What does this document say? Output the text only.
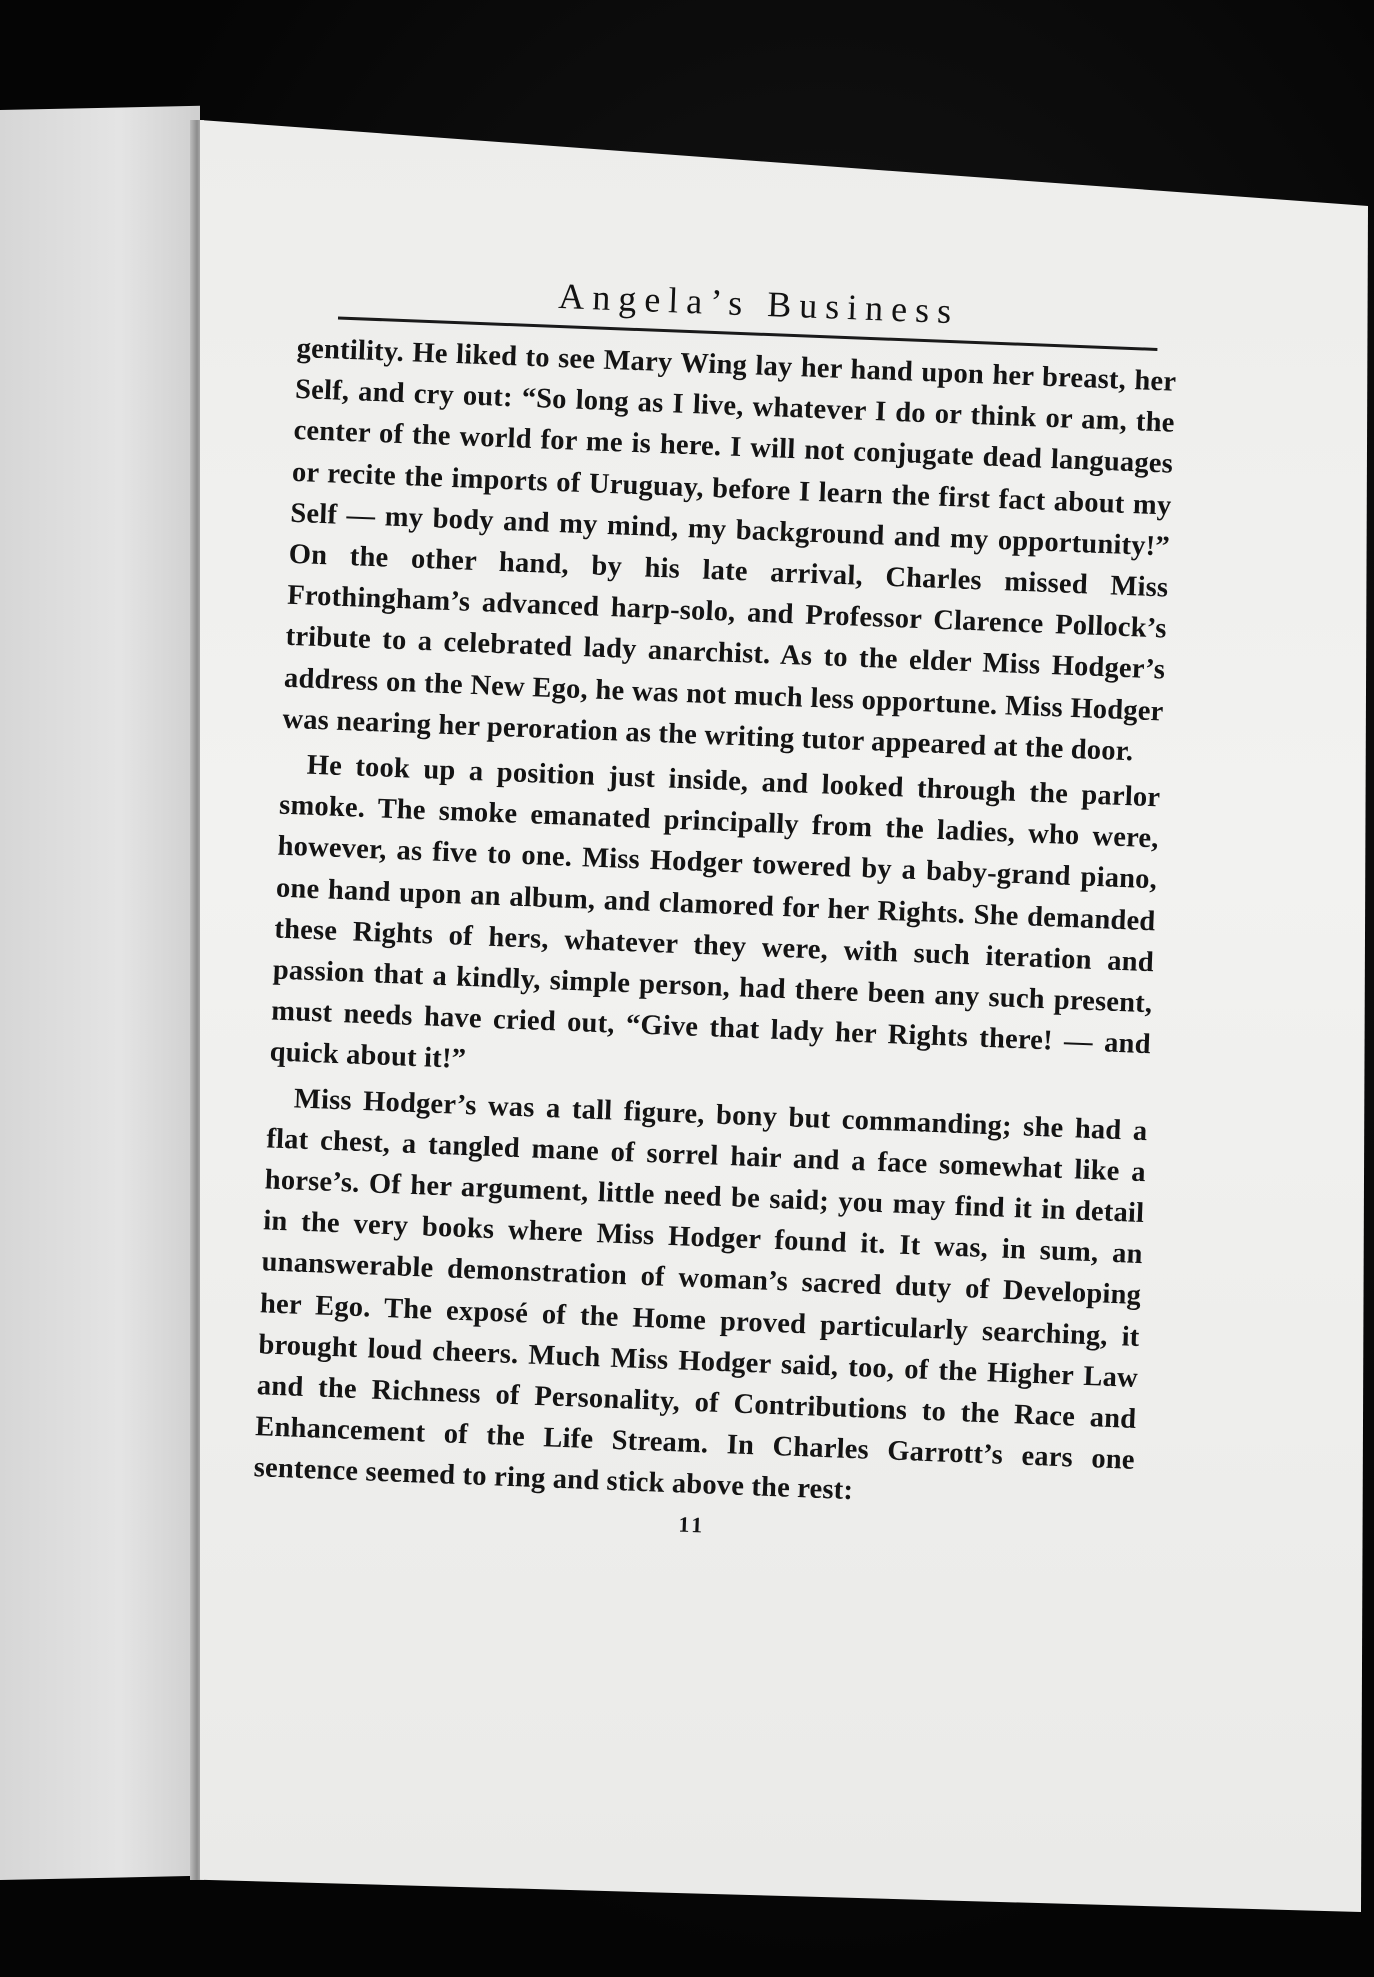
Angela’s Business

gentility. He liked to see Mary Wing lay her hand upon her breast, her Self, and cry out: “So long as I live, whatever I do or think or am, the center of the world for me is here. I will not conjugate dead languages or recite the imports of Uruguay, before I learn the first fact about my Self — my body and my mind, my background and my opportunity!” On the other hand, by his late arrival, Charles missed Miss Frothingham’s advanced harp-solo, and Professor Clarence Pollock’s tribute to a celebrated lady anarchist. As to the elder Miss Hodger’s address on the New Ego, he was not much less opportune. Miss Hodger was nearing her peroration as the writing tutor appeared at the door.

He took up a position just inside, and looked through the parlor smoke. The smoke emanated principally from the ladies, who were, however, as five to one. Miss Hodger towered by a baby-grand piano, one hand upon an album, and clamored for her Rights. She demanded these Rights of hers, whatever they were, with such iteration and passion that a kindly, simple person, had there been any such present, must needs have cried out, “Give that lady her Rights there! — and quick about it!”

Miss Hodger’s was a tall figure, bony but commanding; she had a flat chest, a tangled mane of sorrel hair and a face somewhat like a horse’s. Of her argument, little need be said; you may find it in detail in the very books where Miss Hodger found it. It was, in sum, an unanswerable demonstration of woman’s sacred duty of Developing her Ego. The exposé of the Home proved particularly searching, it brought loud cheers. Much Miss Hodger said, too, of the Higher Law and the Richness of Personality, of Contributions to the Race and Enhancement of the Life Stream. In Charles Garrott’s ears one sentence seemed to ring and stick above the rest:

11
